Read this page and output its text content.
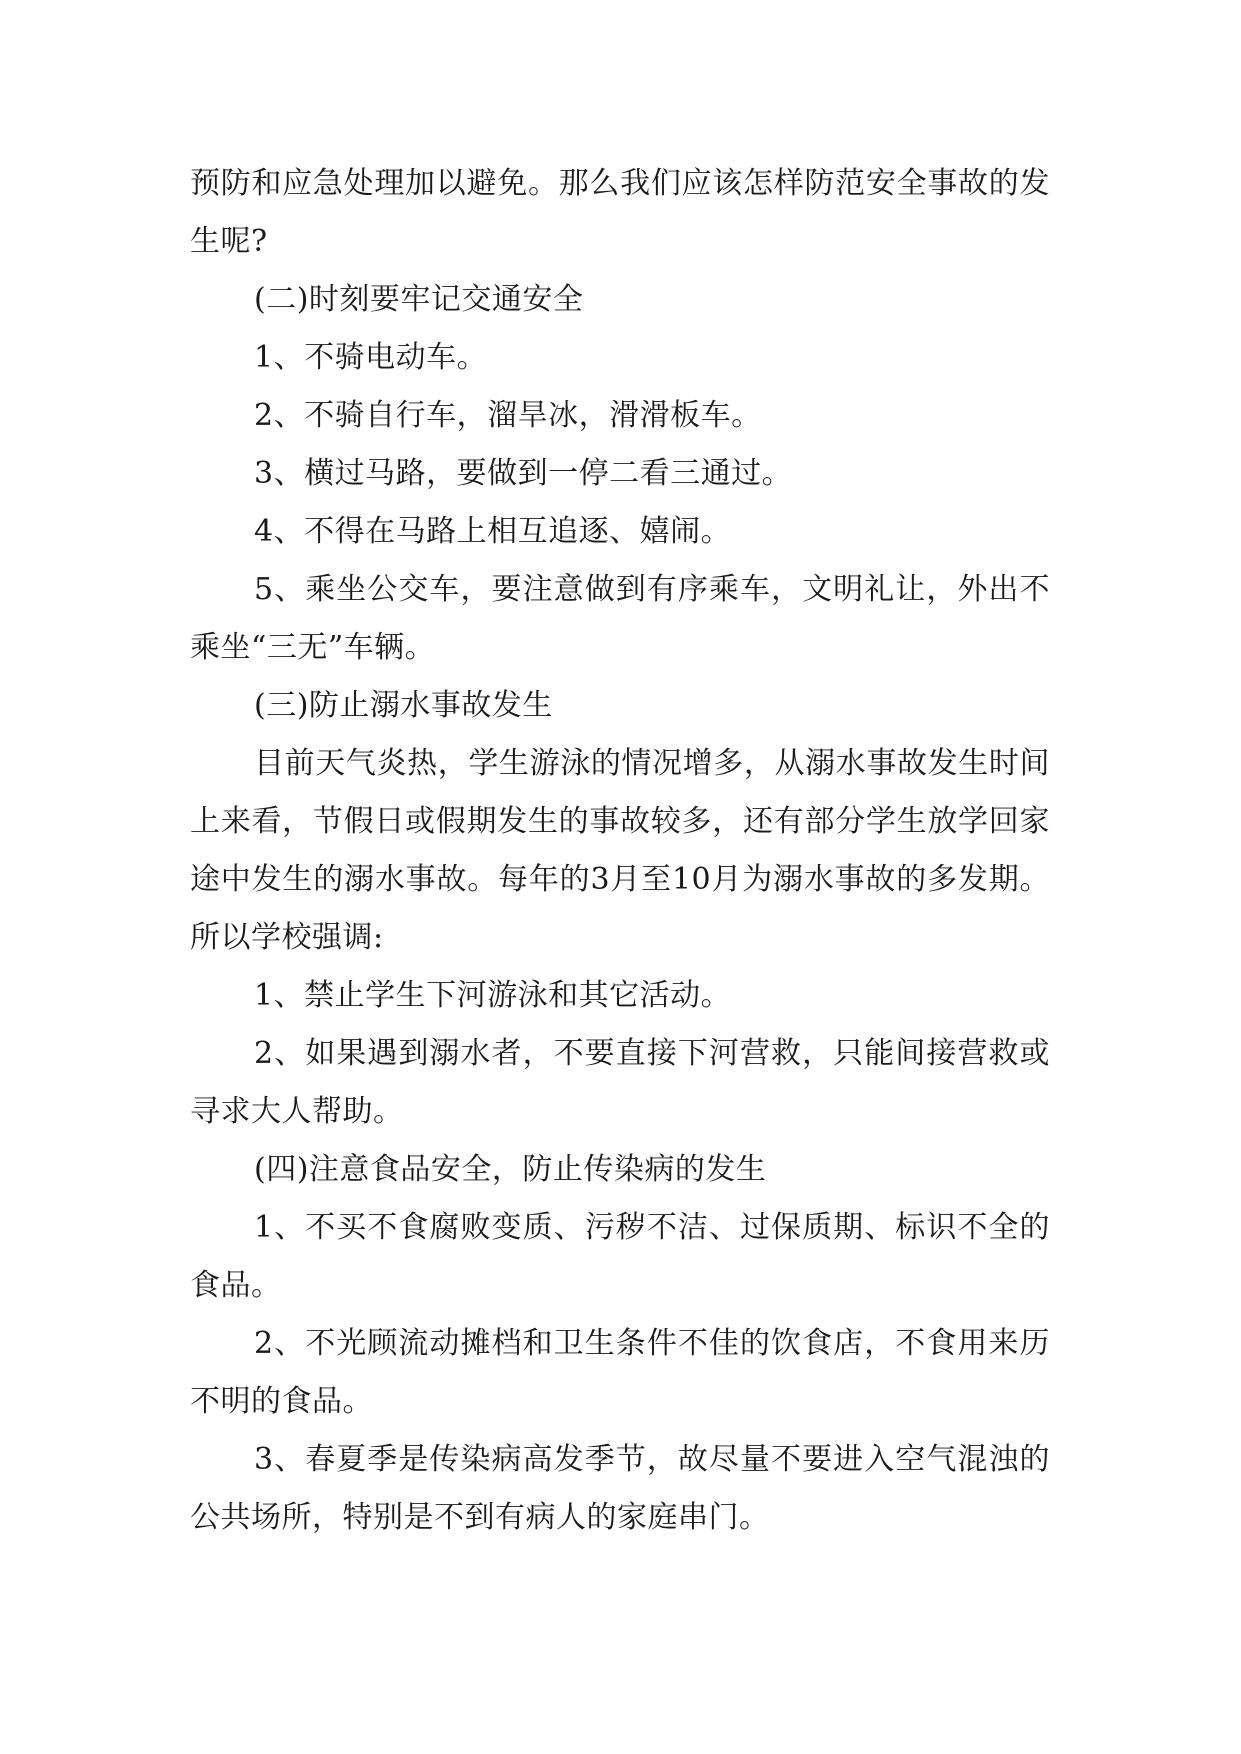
预防和应急处理加以避免。那么我们应该怎样防范安全事故的发生呢?

(二)时刻要牢记交通安全

1、不骑电动车。

2、不骑自行车，溜旱冰，滑滑板车。

3、横过马路，要做到一停二看三通过。

4、不得在马路上相互追逐、嬉闹。

5、乘坐公交车，要注意做到有序乘车，文明礼让，外出不乘坐“三无”车辆。

(三)防止溺水事故发生

目前天气炎热，学生游泳的情况增多，从溺水事故发生时间上来看，节假日或假期发生的事故较多，还有部分学生放学回家途中发生的溺水事故。每年的3月至10月为溺水事故的多发期。所以学校强调:

1、禁止学生下河游泳和其它活动。

2、如果遇到溺水者，不要直接下河营救，只能间接营救或寻求大人帮助。

(四)注意食品安全，防止传染病的发生

1、不买不食腐败变质、污秽不洁、过保质期、标识不全的食品。

2、不光顾流动摊档和卫生条件不佳的饮食店，不食用来历不明的食品。

3、春夏季是传染病高发季节，故尽量不要进入空气混浊的公共场所，特别是不到有病人的家庭串门。
